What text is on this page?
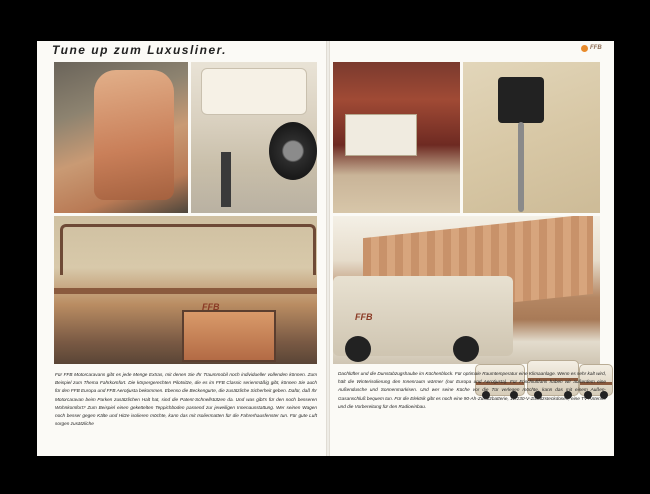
Tune up zum Luxusliner.	FFB
FFB
FFB
Für FFB Motorcaravans gibt es jede Menge Extras, mit denen Sie Ihr Traummobil noch individueller vollenden können. Zum Beispiel zum Thema Fahrkomfort. Die körpergerechten Pilotsitze, die es im FFB Classic serienmäßig gibt, können Sie auch für den FFB Europa und FFB Aerotjusta bekommen. Ebenso die Beckengurte, die zusätzliche Sicherheit geben. Dafür, daß Ihr Motorcaravan beim Parken zusätzlichen Halt hat, sind die Patent-Schnellstützen da. Und was gibt's für den noch besseren Wohnkomfort? Zum Beispiel einen gekettelten Teppichboden passend zur jeweiligen Innenausstattung. Wer seinen Wagen noch besser gegen Kälte und Hitze isolieren möchte, kann das mit Isoliermatten für die Fahrerhausfenster tun. Für gute Luft sorgen zusätzliche
Dachlüfter und die Dunstabzugshaube im Küchenblock. Für optimale Raumtemperatur eine Klimaanlage. Wenn es sehr kalt wird, hält die Winterisolierung den Innenraum wärmer (nur Europa und Aerotjusta). Für Frischluftfans haben wir außerdem eine Außendusche und Sonnenmarkisen. Und wer seine Küche vor die Tür verlegen möchte, kann das mit einem Außen-Gasanschluß bequem tun. Für die Elektrik gibt es noch eine 90-Ah-Zusatzbatterie, 12/230-V-Zusatzsteckdosen, eine TV-Antenne und die Vorbereitung für den Radioeinbau.
